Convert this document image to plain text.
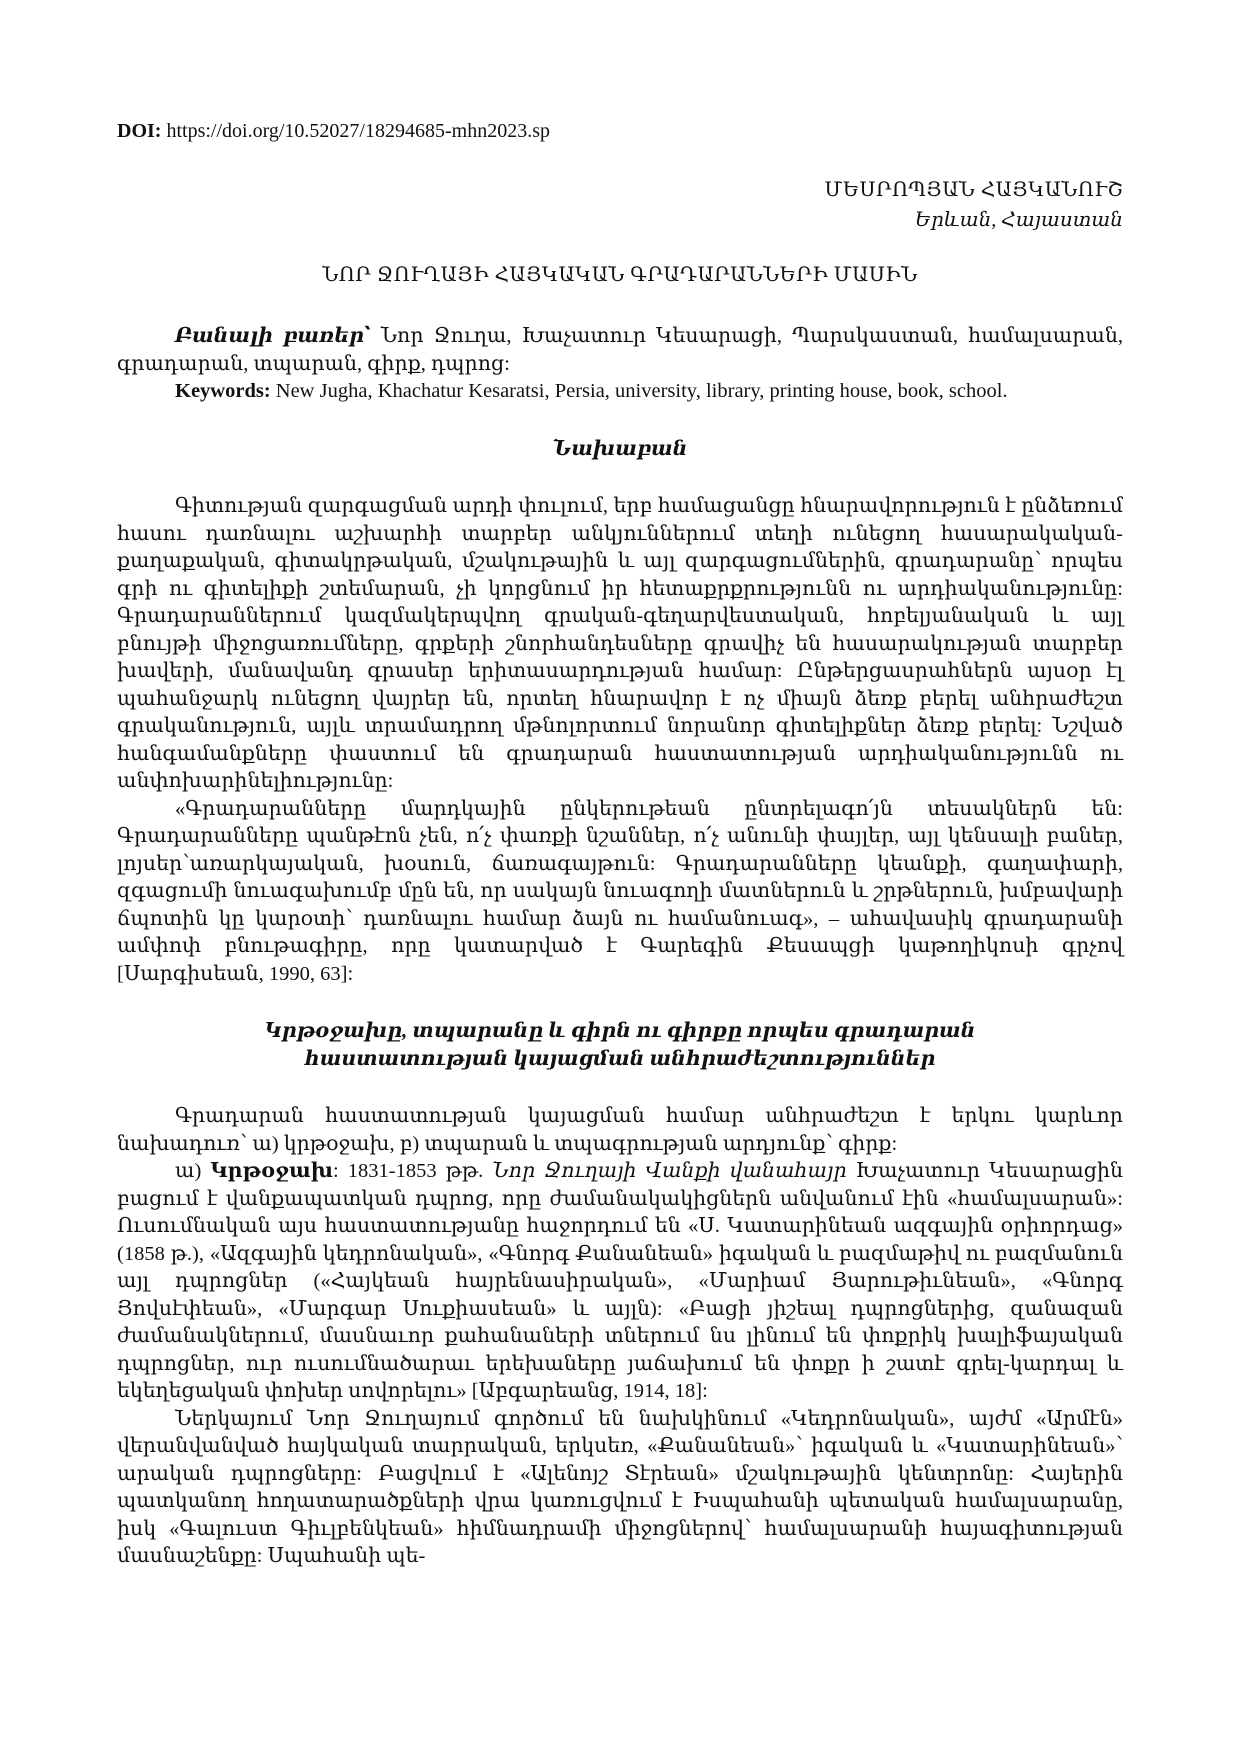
DOI: https://doi.org/10.52027/18294685-mhn2023.sp
ՄԵՍՐՈՊՅԱՆ ՀԱՅԿԱՆՈՒՇ
Երևան, Հայաստան
ՆՈՐ ՋՈՒՂԱՅԻ ՀԱՅԿԱԿԱՆ ԳՐԱԴԱՐԱՆՆԵՐԻ ՄԱՍԻՆ

Բանալի բառեր՝ Նոր Ջուղա, Խաչատուր Կեսարացի, Պարսկաստան, համալսարան, գրադարան, տպարան, գիրք, դպրոց:

Keywords: New Jugha, Khachatur Kesaratsi, Persia, university, library, printing house, book, school.

Նախաբան

Գիտության զարգացման արդի փուլում, երբ համացանցը հնարավորություն է ընձեռում հասու դառնալու աշխարհի տարբեր անկյուններում տեղի ունեցող հասարակական-քաղաքական, գիտակրթական, մշակութային և այլ զարգացումներին, գրադարանը՝ որպես գրի ու գիտելիքի շտեմարան, չի կորցնում իր հետաքրքրությունն ու արդիականությունը: Գրադարաններում կազմակերպվող գրական-գեղարվեստական, հոբելյանական և այլ բնույթի միջոցառումները, գրքերի շնորհանդեսները գրավիչ են հասարակության տարբեր խավերի, մանավանդ գրասեր երիտասարդության համար: Ընթերցասրահներն այսօր էլ պահանջարկ ունեցող վայրեր են, որտեղ հնարավոր է ոչ միայն ձեռք բերել անհրաժեշտ գրականություն, այլև տրամադրող մթնոլորտում նորանոր գիտելիքներ ձեռք բերել: Նշված հանգամանքները փաստում են գրադարան հաստատության արդիականությունն ու անփոխարինելիությունը:

«Գրադարանները մարդկային ընկերութեան ընտրելագո՛յն տեսակներն են: Գրադարանները պանթէոն չեն, ո՛չ փառքի նշաններ, ո՛չ անունի փայլեր, այլ կենսալի բաներ, լոյսեր՝առարկայական, խօսուն, ճառագայթուն: Գրադարանները կեանքի, գաղափարի, զգացումի նուագախումբ մըն են, որ սակայն նուագողի մատներուն և շրթներուն, խմբավարի ճպոտին կը կարօտի՝ դառնալու համար ձայն ու համանուագ», – ահավասիկ գրադարանի ամփոփ բնութագիրը, որը կատարված է Գարեգին Քեսապցի կաթողիկոսի գրչով [Սարգիսեան, 1990, 63]:

Կրթօջախը, տպարանը և գիրն ու գիրքը որպես գրադարան

հաստատության կայացման անհրաժեշտություններ

Գրադարան հաստատության կայացման համար անհրաժեշտ է երկու կարևոր նախադուռ՝ ա) կրթօջախ, բ) տպարան և տպագրության արդյունք՝ գիրք:

ա) Կրթօջախ: 1831-1853 թթ. Նոր Ջուղայի Վանքի վանահայր Խաչատուր Կեսարացին բացում է վանքապատկան դպրոց, որը ժամանակակիցներն անվանում էին «համալսարան»: Ուսումնական այս հաստատությանը հաջորդում են «Ս. Կատարինեան ազգային օրիորդաց» (1858 թ.), «Ազգային կեդրոնական», «Գնորգ Քանանեան» իգական և բազմաթիվ ու բազմանուն այլ դպրոցներ («Հայկեան հայրենասիրական», «Մարիամ Յարութիւնեան», «Գնորգ Յովսէփեան», «Մարգար Սուքիասեան» և այլն): «Բացի յիշեալ դպրոցներից, զանազան ժամանակներում, մասնաւոր քահանաների տներում նս լինում են փոքրիկ խալիֆայական դպրոցներ, ուր ուսումնածարաւ երեխաները յաճախում են փոքր ի շատէ գրել-կարդալ և եկեղեցական փոխեր սովորելու» [Աբգարեանց, 1914, 18]:

Ներկայում Նոր Ջուղայում գործում են նախկինում «Կեդրոնական», այժմ «Արմէն» վերանվանված հայկական տարրական, երկսեռ, «Քանանեան»՝ իգական և «Կատարինեան»՝ արական դպրոցները: Բացվում է «Ալենոյշ Տէրեան» մշակութային կենտրոնը: Հայերին պատկանող հողատարածքների վրա կառուցվում է Իսպահանի պետական համալսարանը, իսկ «Գալուստ Գիւլբենկեան» հիմնադրամի միջոցներով՝ համալսարանի հայագիտության մասնաշենքը: Սպահանի պե-
